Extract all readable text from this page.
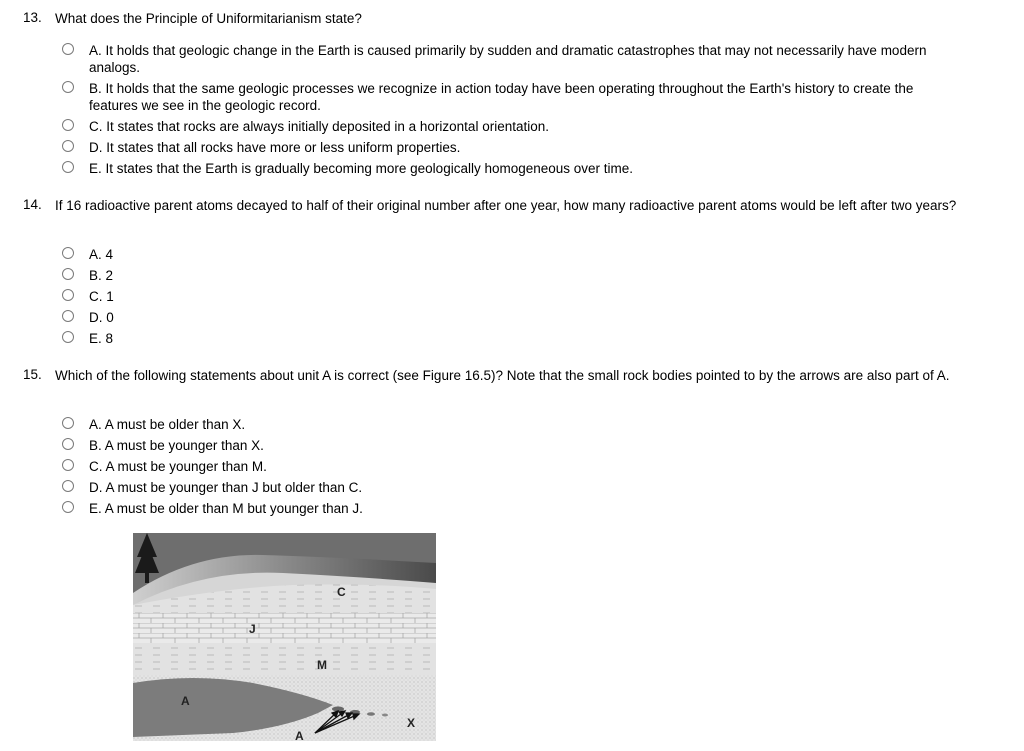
13. What does the Principle of Uniformitarianism state?
A. It holds that geologic change in the Earth is caused primarily by sudden and dramatic catastrophes that may not necessarily have modern analogs.
B. It holds that the same geologic processes we recognize in action today have been operating throughout the Earth's history to create the features we see in the geologic record.
C. It states that rocks are always initially deposited in a horizontal orientation.
D. It states that all rocks have more or less uniform properties.
E. It states that the Earth is gradually becoming more geologically homogeneous over time.
14. If 16 radioactive parent atoms decayed to half of their original number after one year, how many radioactive parent atoms would be left after two years?
A. 4
B. 2
C. 1
D. 0
E. 8
15. Which of the following statements about unit A is correct (see Figure 16.5)? Note that the small rock bodies pointed to by the arrows are also part of A.
A. A must be older than X.
B. A must be younger than X.
C. A must be younger than M.
D. A must be younger than J but older than C.
E. A must be older than M but younger than J.
C
J
M
A
A
X
